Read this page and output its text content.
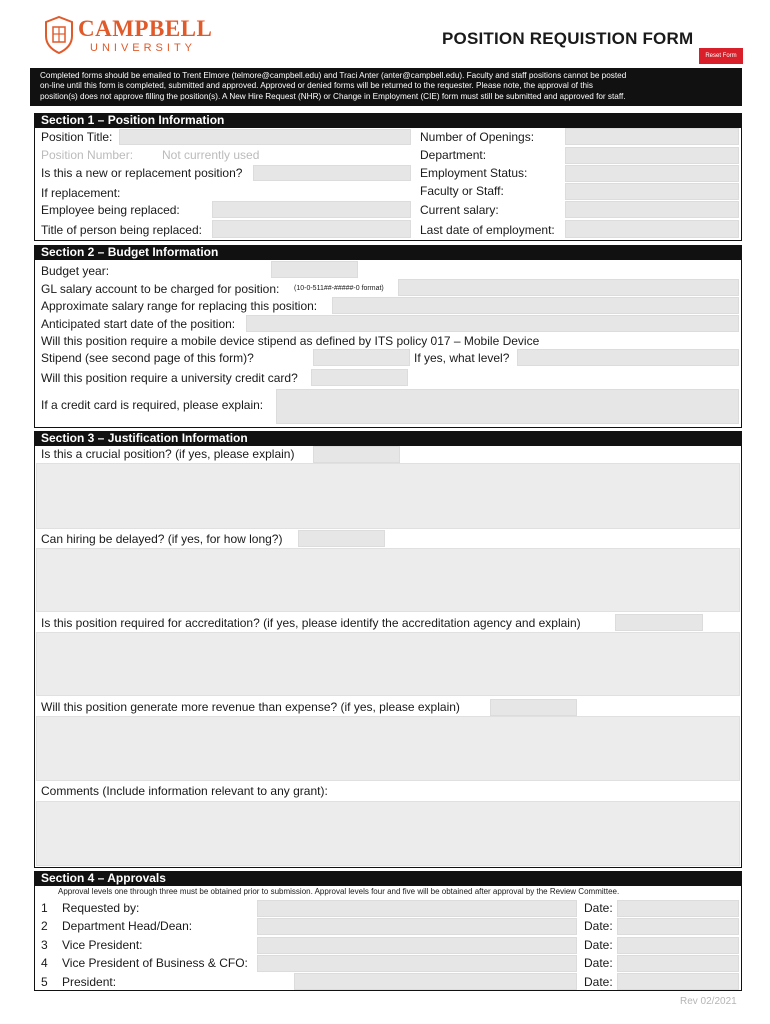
CAMPBELL
UNIVERSITY	POSITION REQUISTION FORM
Reset Form
Completed forms should be emailed to Trent Elmore (telmore@campbell.edu) and Traci Anter (anter@campbell.edu). Faculty and staff positions cannot be posted
on-line until this form is completed, submitted and approved. Approved or denied forms will be returned to the requester. Please note, the approval of this
position(s) does not approve filling the position(s). A New Hire Request (NHR) or Change in Employment (CIE) form must still be submitted and approved for staff.
Section 1 – Position Information
Position Title:
Position Number: Not currently used
Is this a new or replacement position?
If replacement:
Employee being replaced:
Title of person being replaced:
Number of Openings:
Department:
Employment Status:
Faculty or Staff:
Current salary:
Last date of employment:
Section 2 – Budget Information
Budget year:
GL salary account to be charged for position: (10-0-511##-#####-0 format)
Approximate salary range for replacing this position:
Anticipated start date of the position:
Will this position require a mobile device stipend as defined by ITS policy 017 – Mobile Device
Stipend (see second page of this form)?	If yes, what level?
Will this position require a university credit card?
If a credit card is required, please explain:
Section 3 – Justification Information
Is this a crucial position? (if yes, please explain)
Can hiring be delayed? (if yes, for how long?)
Is this position required for accreditation? (if yes, please identify the accreditation agency and explain)
Will this position generate more revenue than expense? (if yes, please explain)
Comments (Include information relevant to any grant):
Section 4 – Approvals
Approval levels one through three must be obtained prior to submission. Approval levels four and five will be obtained after approval by the Review Committee.
1 Requested by:	Date:
2 Department Head/Dean:	Date:
3 Vice President:	Date:
4 Vice President of Business & CFO:	Date:
5 President:	Date:
Rev 02/2021
